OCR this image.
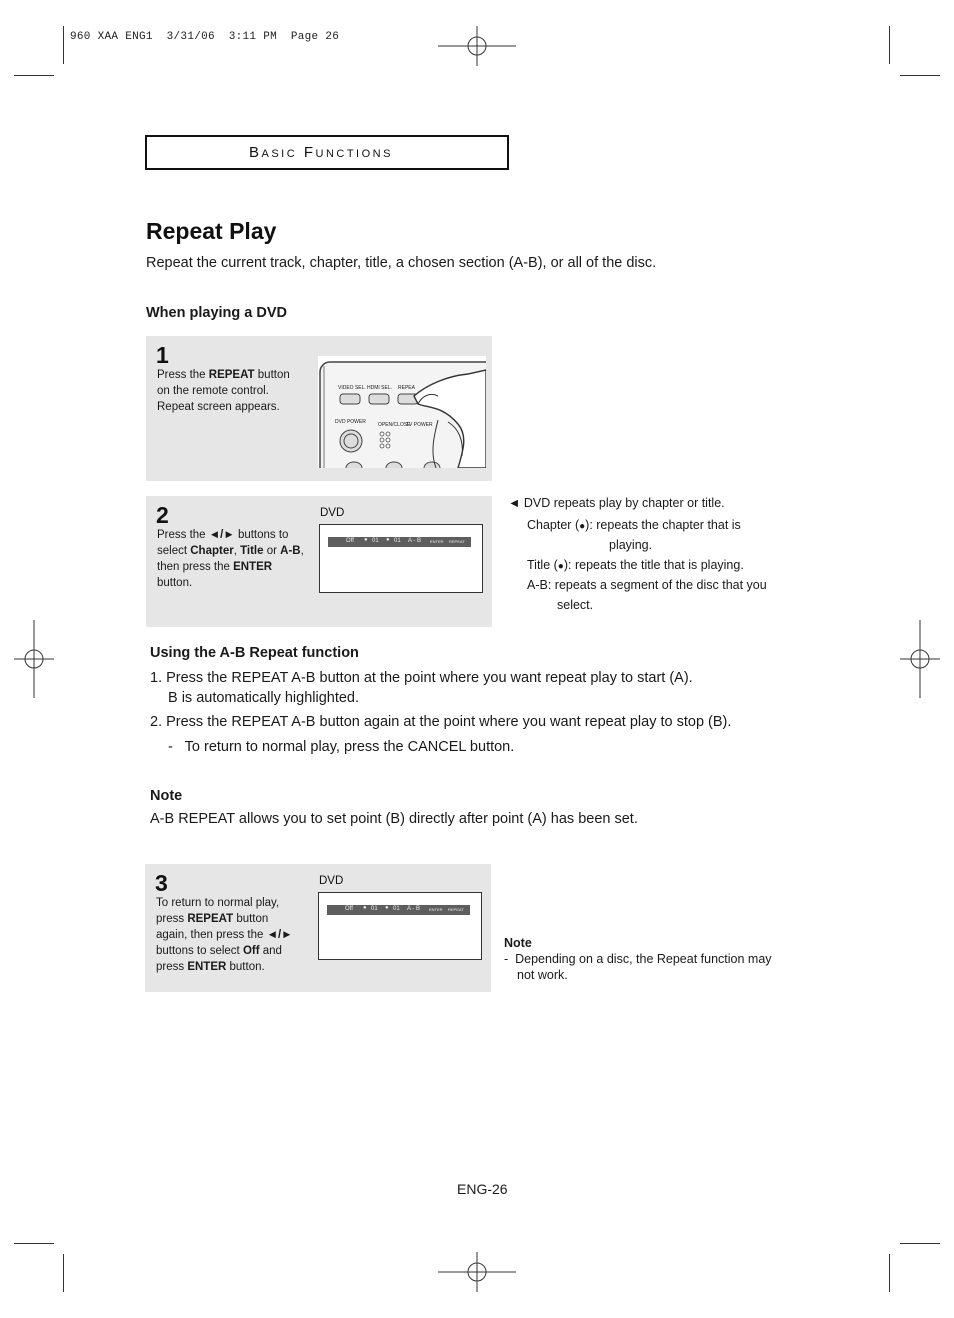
960 XAA ENG1  3/31/06  3:11 PM  Page 26
Basic Functions
Repeat Play
Repeat the current track, chapter, title, a chosen section (A-B), or all of the disc.
When playing a DVD
1
Press the REPEAT button
on the remote control.
Repeat screen appears.
VIDEO SEL. HDMI SEL. REPEA
DVD POWER OPEN/CLOSE
TV POWER
2
Press the ◄/► buttons to
select Chapter, Title or A-B,
then press the ENTER
button.
DVD
Off ● 01 ● 01 A - B ENTER REPEAT
◄ DVD repeats play by chapter or title.
Chapter (●): repeats the chapter that is
playing.
Title (●): repeats the title that is playing.
A-B: repeats a segment of the disc that you
select.
Using the A-B Repeat function
1. Press the REPEAT A-B button at the point where you want repeat play to start (A).
B is automatically highlighted.
2. Press the REPEAT A-B button again at the point where you want repeat play to stop (B).
-   To return to normal play, press the CANCEL button.
Note
A-B REPEAT allows you to set point (B) directly after point (A) has been set.
3
To return to normal play,
press REPEAT button
again, then press the ◄/►
buttons to select Off and
press ENTER button.
DVD
Off ● 01 ● 01 A - B ENTER REPEAT
Note
-  Depending on a disc, the Repeat function may
not work.
ENG-26
